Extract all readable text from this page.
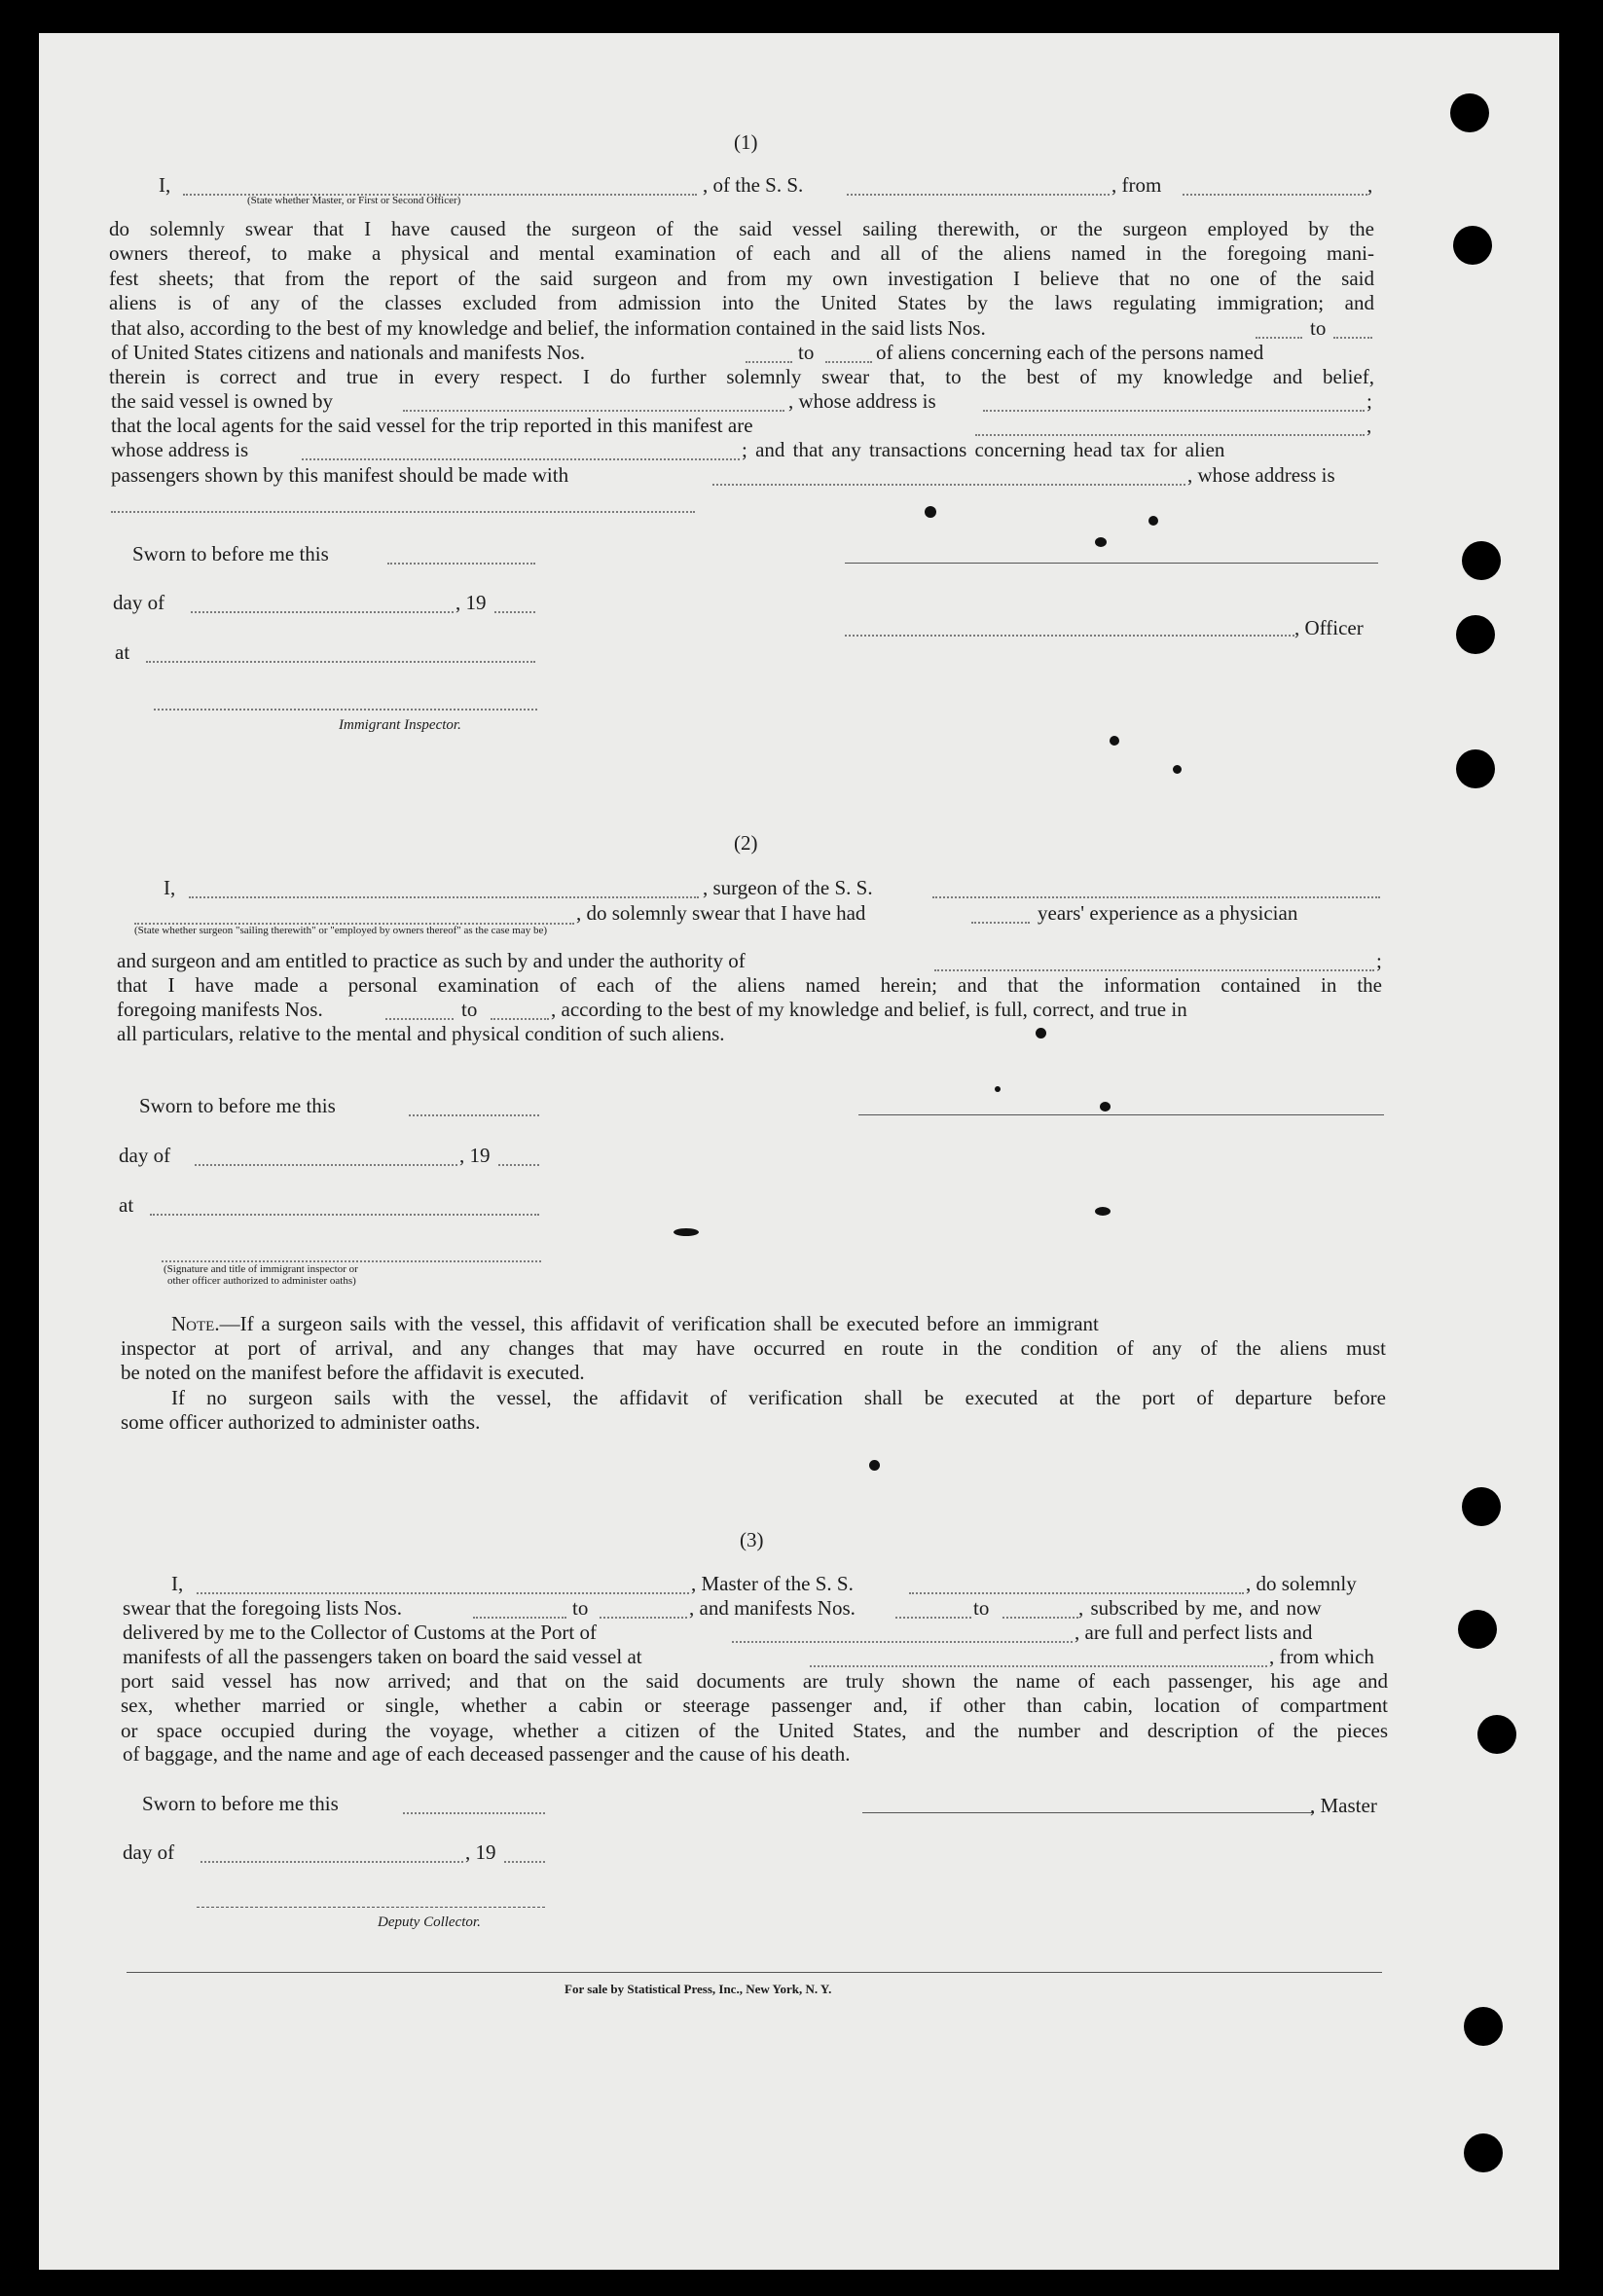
(1)
I,
(State whether Master, or First or Second Officer)
, of the S. S.	, from	,
do solemnly swear that I have caused the surgeon of the said vessel sailing therewith, or the surgeon employed by the
owners thereof, to make a physical and mental examination of each and all of the aliens named in the foregoing mani-
fest sheets; that from the report of the said surgeon and from my own investigation I believe that no one of the said
aliens is of any of the classes excluded from admission into the United States by the laws regulating immigration; and
that also, according to the best of my knowledge and belief, the information contained in the said lists Nos.	to
of United States citizens and nationals and manifests Nos.	to	of aliens concerning each of the persons named
therein is correct and true in every respect. I do further solemnly swear that, to the best of my knowledge and belief,
the said vessel is owned by	, whose address is	;
that the local agents for the said vessel for the trip reported in this manifest are	,
whose address is	; and that any transactions concerning head tax for alien
passengers shown by this manifest should be made with	, whose address is
Sworn to before me this
day of	, 19
, Officer
at
Immigrant Inspector.
(2)
I,	, surgeon of the S. S.
, do solemnly swear that I have had	years' experience as a physician
(State whether surgeon "sailing therewith" or "employed by owners thereof" as the case may be)
and surgeon and am entitled to practice as such by and under the authority of	;
that I have made a personal examination of each of the aliens named herein; and that the information contained in the
foregoing manifests Nos.	to	, according to the best of my knowledge and belief, is full, correct, and true in
all particulars, relative to the mental and physical condition of such aliens.
Sworn to before me this
day of	, 19
at
(Signature and title of immigrant inspector or
other officer authorized to administer oaths)
Note.—If a surgeon sails with the vessel, this affidavit of verification shall be executed before an immigrant
inspector at port of arrival, and any changes that may have occurred en route in the condition of any of the aliens must
be noted on the manifest before the affidavit is executed.
If no surgeon sails with the vessel, the affidavit of verification shall be executed at the port of departure before
some officer authorized to administer oaths.
(3)
I,	, Master of the S. S.	, do solemnly
swear that the foregoing lists Nos.	to	, and manifests Nos.	to	, subscribed by me, and now
delivered by me to the Collector of Customs at the Port of	, are full and perfect lists and
manifests of all the passengers taken on board the said vessel at	, from which
port said vessel has now arrived; and that on the said documents are truly shown the name of each passenger, his age and
sex, whether married or single, whether a cabin or steerage passenger and, if other than cabin, location of compartment
or space occupied during the voyage, whether a citizen of the United States, and the number and description of the pieces
of baggage, and the name and age of each deceased passenger and the cause of his death.
Sworn to before me this	, Master
day of	, 19
Deputy Collector.
For sale by Statistical Press, Inc., New York, N. Y.
